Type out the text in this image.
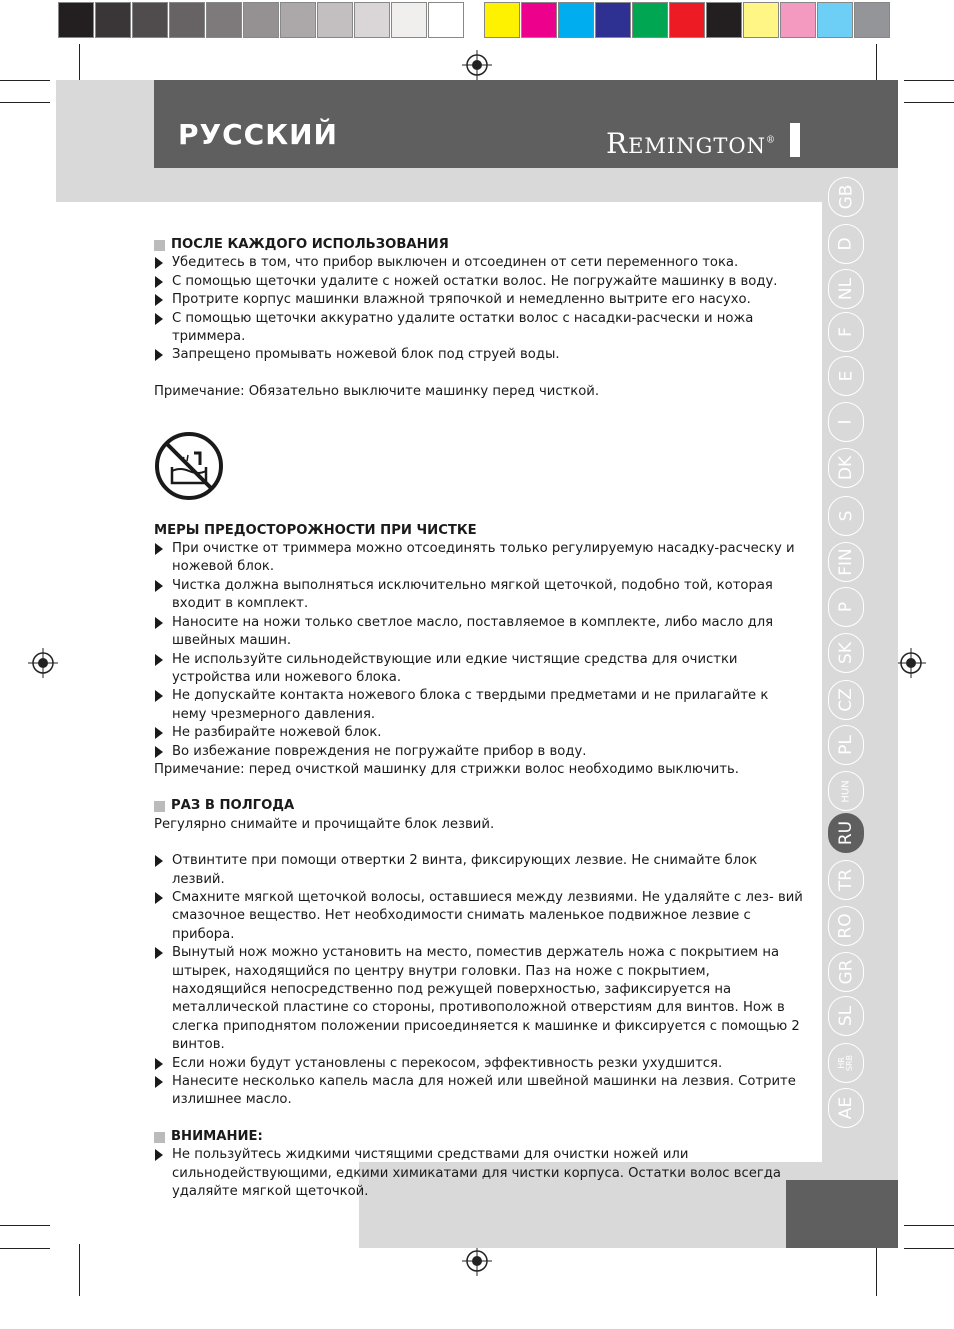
РУССКИЙ	REMINGTON®

ПОСЛЕ КАЖДОГО ИСПОЛЬЗОВАНИЯ

Убедитесь в том, что прибор выключен и отсоединен от сети переменного тока.

С помощью щеточки удалите с ножей остатки волос. Не погружайте машинку в воду.

Протрите корпус машинки влажной тряпочкой и немедленно вытрите его насухо.

С помощью щеточки аккуратно удалите остатки волос с насадки-расчески и ножа триммера.

Запрещено промывать ножевой блок под струей воды.

Примечание: Обязательно выключите машинку перед чисткой.

МЕРЫ ПРЕДОСТОРОЖНОСТИ ПРИ ЧИСТКЕ

При очистке от триммера можно отсоединять только регулируемую насадку-расческу и ножевой блок.

Чистка должна выполняться исключительно мягкой щеточкой, подобно той, которая входит в комплект.

Наносите на ножи только светлое масло, поставляемое в комплекте, либо масло для швейных машин.

Не используйте сильнодействующие или едкие чистящие средства для очистки устройства или ножевого блока.

Не допускайте контакта ножевого блока с твердыми предметами и не прилагайте к нему чрезмерного давления.

Не разбирайте ножевой блок.

Во избежание повреждения не погружайте прибор в воду.

Примечание: перед очисткой машинку для стрижки волос необходимо выключить.

РАЗ В ПОЛГОДА

Регулярно снимайте и прочищайте блок лезвий.

Отвинтите при помощи отвертки 2 винта, фиксирующих лезвие. Не снимайте блок лезвий.

Смахните мягкой щеточкой волосы, оставшиеся между лезвиями. Не удаляйте с лез- вий смазочное вещество. Нет необходимости снимать маленькое подвижное лезвие с прибора.

Вынутый нож можно установить на место, поместив держатель ножа с покрытием на штырек, находящийся по центру внутри головки. Паз на ноже с покрытием, находящийся непосредственно под режущей поверхностью, зафиксируется на металлической пластине со стороны, противоположной отверстиям для винтов. Нож в слегка приподнятом положении присоединяется к машинке и фиксируется с помощью 2 винтов.

Если ножи будут установлены с перекосом, эффективность резки ухудшится.

Нанесите несколько капель масла для ножей или швейной машинки на лезвия. Сотрите излишнее масло.

ВНИМАНИЕ:

Не пользуйтесь жидкими чистящими средствами для очистки ножей или сильнодействующими, едкими химикатами для чистки корпуса. Остатки волос всегда удаляйте мягкой щеточкой.

GB
D
NL
F
E
I
DK
S
FIN
P
SK
CZ
PL
HUN
RU
TR
RO
GR
SL
HR
SRB
AE
